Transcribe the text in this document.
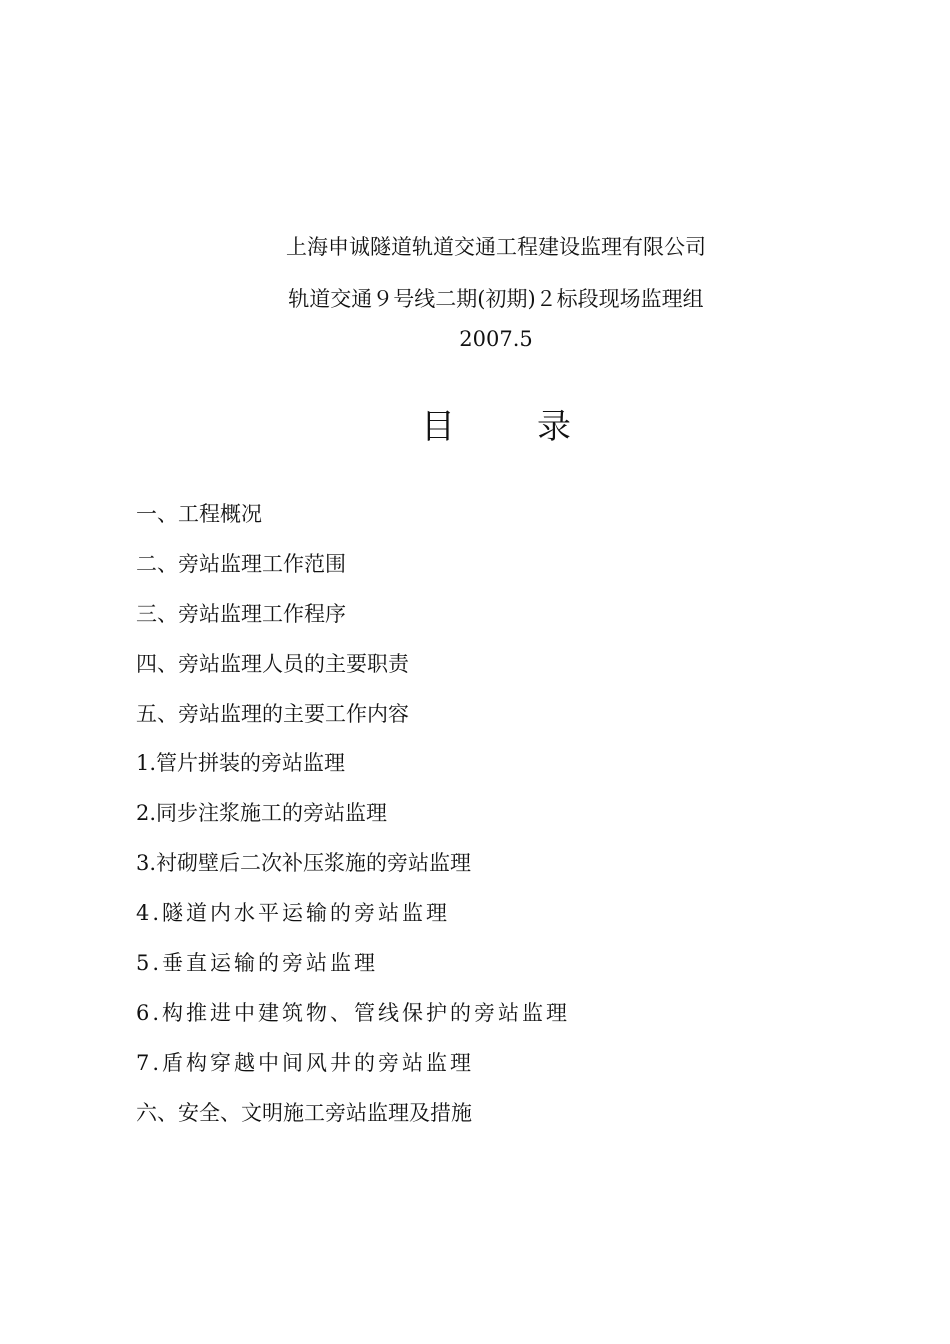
上海申诚隧道轨道交通工程建设监理有限公司
轨道交通９号线二期(初期)２标段现场监理组
2007.5
目 录
一、工程概况
二、旁站监理工作范围
三、旁站监理工作程序
四、旁站监理人员的主要职责
五、旁站监理的主要工作内容
1.管片拼装的旁站监理
2.同步注浆施工的旁站监理
3.衬砌壁后二次补压浆施的旁站监理
4.隧道内水平运输的旁站监理
5.垂直运输的旁站监理
6.构推进中建筑物、管线保护的旁站监理
7.盾构穿越中间风井的旁站监理
六、安全、文明施工旁站监理及措施
